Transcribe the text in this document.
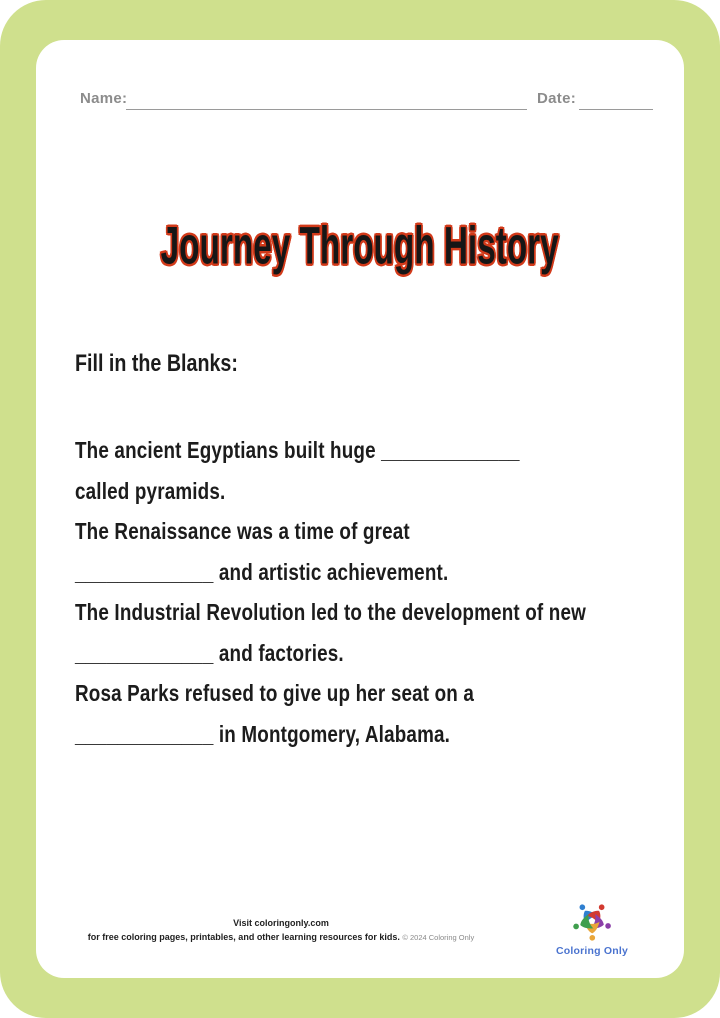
Name:	Date:
Journey Through History
Fill in the Blanks:
The ancient Egyptians built huge _____________
called pyramids.
The Renaissance was a time of great
_____________ and artistic achievement.
The Industrial Revolution led to the development of new
_____________ and factories.
Rosa Parks refused to give up her seat on a
_____________ in Montgomery, Alabama.
Visit coloringonly.com
for free coloring pages, printables, and other learning resources for kids. © 2024 Coloring Only
Coloring Only
